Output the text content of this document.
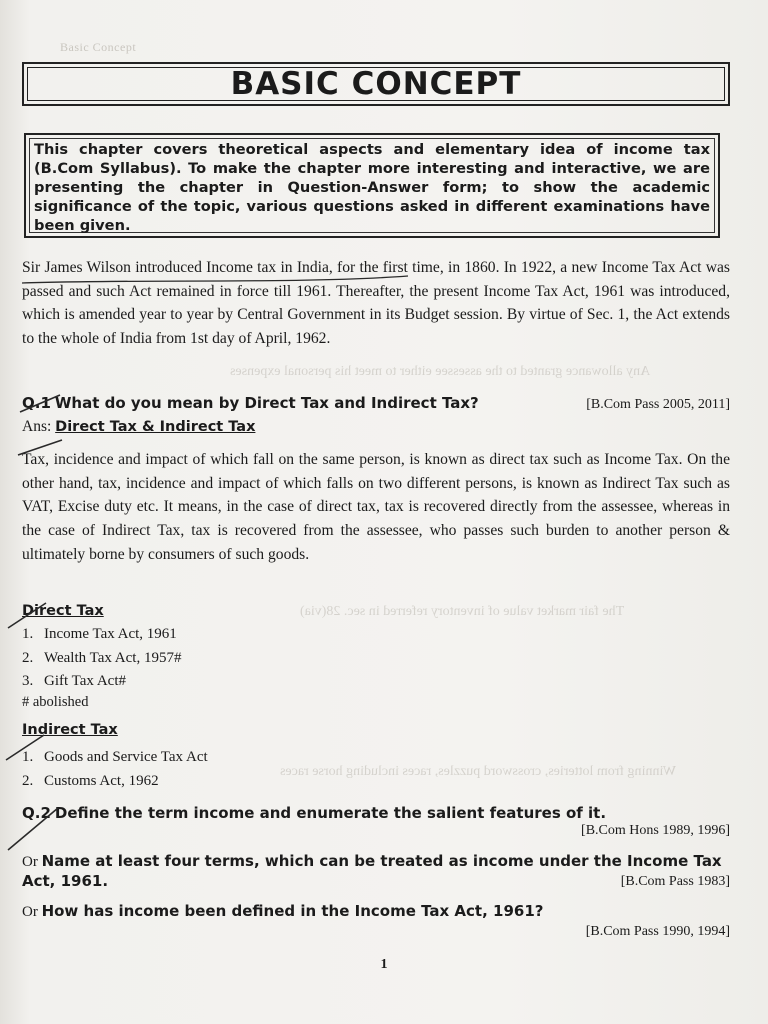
Any allowance granted to the assessee either to meet his personal expenses
The fair market value of inventory referred in sec. 28(via)
Winning from lotteries, crossword puzzles, races including horse races
Basic Concept
BASIC CONCEPT
This chapter covers theoretical aspects and elementary idea of income tax (B.Com Syllabus). To make the chapter more interesting and interactive, we are presenting the chapter in Question-Answer form; to show the academic significance of the topic, various questions asked in different examinations have been given.
Sir James Wilson introduced Income tax in India, for the first time, in 1860. In 1922, a new Income Tax Act was passed and such Act remained in force till 1961. Thereafter, the present Income Tax Act, 1961 was introduced, which is amended year to year by Central Government in its Budget session. By virtue of Sec. 1, the Act extends to the whole of India from 1st day of April, 1962.
Q.1 What do you mean by Direct Tax and Indirect Tax?	[B.Com Pass 2005, 2011]
Ans: Direct Tax & Indirect Tax
Tax, incidence and impact of which fall on the same person, is known as direct tax such as Income Tax. On the other hand, tax, incidence and impact of which falls on two different persons, is known as Indirect Tax such as VAT, Excise duty etc. It means, in the case of direct tax, tax is recovered directly from the assessee, whereas in the case of Indirect Tax, tax is recovered from the assessee, who passes such burden to another person & ultimately borne by consumers of such goods.
Direct Tax
1. Income Tax Act, 1961
2. Wealth Tax Act, 1957#
3. Gift Tax Act#
# abolished
Indirect Tax
1. Goods and Service Tax Act
2. Customs Act, 1962
Q.2 Define the term income and enumerate the salient features of it.
[B.Com Hons 1989, 1996]
Or Name at least four terms, which can be treated as income under the Income Tax Act, 1961.	[B.Com Pass 1983]
Or How has income been defined in the Income Tax Act, 1961?
[B.Com Pass 1990, 1994]
1
